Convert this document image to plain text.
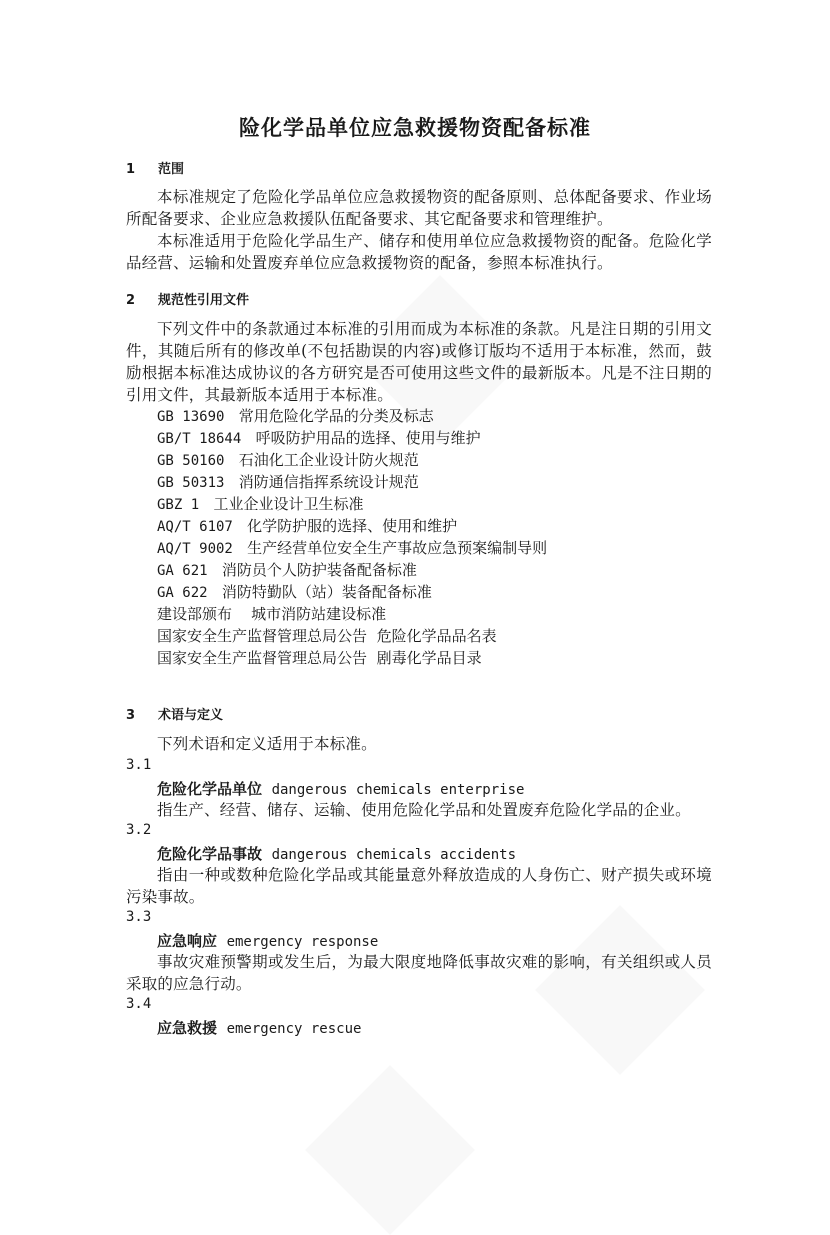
险化学品单位应急救援物资配备标准
1 范围
本标准规定了危险化学品单位应急救援物资的配备原则、总体配备要求、作业场所配备要求、企业应急救援队伍配备要求、其它配备要求和管理维护。
本标准适用于危险化学品生产、储存和使用单位应急救援物资的配备。危险化学品经营、运输和处置废弃单位应急救援物资的配备，参照本标准执行。
2 规范性引用文件
下列文件中的条款通过本标准的引用而成为本标准的条款。凡是注日期的引用文件，其随后所有的修改单(不包括勘误的内容)或修订版均不适用于本标准，然而，鼓励根据本标准达成协议的各方研究是否可使用这些文件的最新版本。凡是不注日期的引用文件，其最新版本适用于本标准。
GB 13690 常用危险化学品的分类及标志
GB/T 18644 呼吸防护用品的选择、使用与维护
GB 50160 石油化工企业设计防火规范
GB 50313 消防通信指挥系统设计规范
GBZ 1 工业企业设计卫生标准
AQ/T 6107 化学防护服的选择、使用和维护
AQ/T 9002 生产经营单位安全生产事故应急预案编制导则
GA 621 消防员个人防护装备配备标准
GA 622 消防特勤队（站）装备配备标准
建设部颁布 城市消防站建设标准
国家安全生产监督管理总局公告 危险化学品品名表
国家安全生产监督管理总局公告 剧毒化学品目录
3 术语与定义
下列术语和定义适用于本标准。
3.1
危险化学品单位 dangerous chemicals enterprise
指生产、经营、储存、运输、使用危险化学品和处置废弃危险化学品的企业。
3.2
危险化学品事故 dangerous chemicals accidents
指由一种或数种危险化学品或其能量意外释放造成的人身伤亡、财产损失或环境污染事故。
3.3
应急响应 emergency response
事故灾难预警期或发生后，为最大限度地降低事故灾难的影响，有关组织或人员采取的应急行动。
3.4
应急救援 emergency rescue
